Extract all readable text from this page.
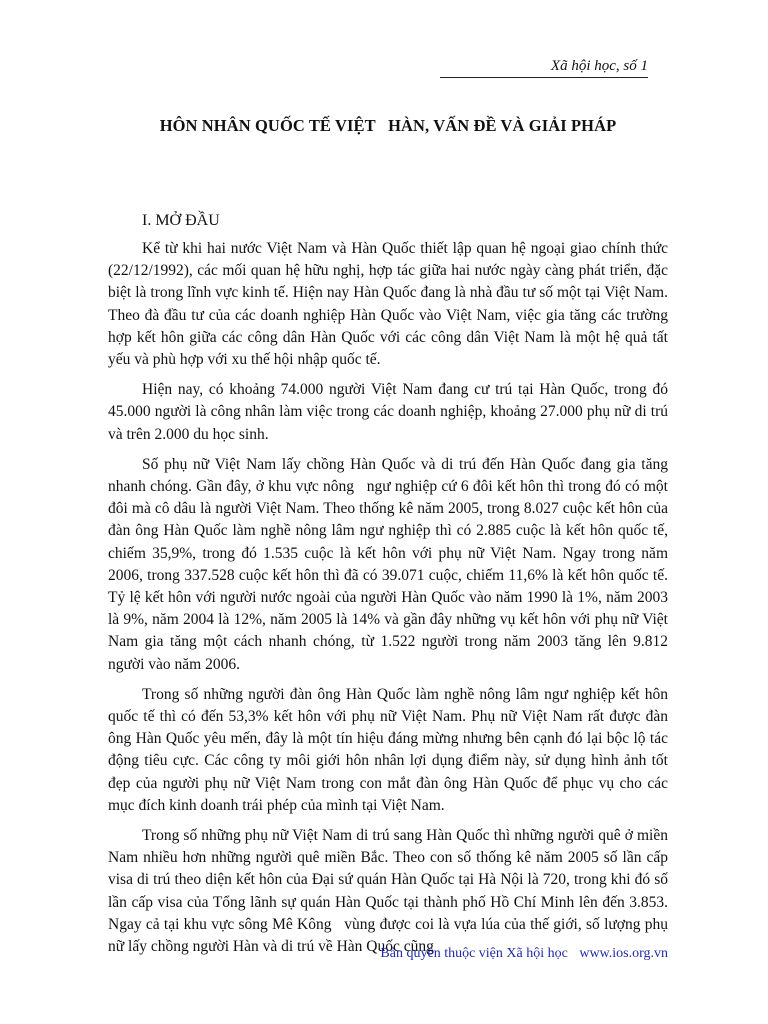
Xã hội học, số 1
HÔN NHÂN QUỐC TẾ VIỆT   HÀN, VẤN ĐỀ VÀ GIẢI PHÁP
I. MỞ ĐẦU

Kể từ khi hai nước Việt Nam và Hàn Quốc thiết lập quan hệ ngoại giao chính thức (22/12/1992), các mối quan hệ hữu nghị, hợp tác giữa hai nước ngày càng phát triển, đặc biệt là trong lĩnh vực kinh tế. Hiện nay Hàn Quốc đang là nhà đầu tư số một tại Việt Nam. Theo đà đầu tư của các doanh nghiệp Hàn Quốc vào Việt Nam, việc gia tăng các trường hợp kết hôn giữa các công dân Hàn Quốc với các công dân Việt Nam là một hệ quả tất yếu và phù hợp với xu thế hội nhập quốc tế.

Hiện nay, có khoảng 74.000 người Việt Nam đang cư trú tại Hàn Quốc, trong đó 45.000 người là công nhân làm việc trong các doanh nghiệp, khoảng 27.000 phụ nữ di trú và trên 2.000 du học sinh.

Số phụ nữ Việt Nam lấy chồng Hàn Quốc và di trú đến Hàn Quốc đang gia tăng nhanh chóng. Gần đây, ở khu vực nông   ngư nghiệp cứ 6 đôi kết hôn thì trong đó có một đôi mà cô dâu là người Việt Nam. Theo thống kê năm 2005, trong 8.027 cuộc kết hôn của đàn ông Hàn Quốc làm nghề nông lâm ngư nghiệp thì có 2.885 cuộc là kết hôn quốc tế, chiếm 35,9%, trong đó 1.535 cuộc là kết hôn với phụ nữ Việt Nam. Ngay trong năm 2006, trong 337.528 cuộc kết hôn thì đã có 39.071 cuộc, chiếm 11,6% là kết hôn quốc tế. Tỷ lệ kết hôn với người nước ngoài của người Hàn Quốc vào năm 1990 là 1%, năm 2003 là 9%, năm 2004 là 12%, năm 2005 là 14% và gần đây những vụ kết hôn với phụ nữ Việt Nam gia tăng một cách nhanh chóng, từ 1.522 người trong năm 2003 tăng lên 9.812 người vào năm 2006.

Trong số những người đàn ông Hàn Quốc làm nghề nông lâm ngư nghiệp kết hôn quốc tế thì có đến 53,3% kết hôn với phụ nữ Việt Nam. Phụ nữ Việt Nam rất được đàn ông Hàn Quốc yêu mến, đây là một tín hiệu đáng mừng nhưng bên cạnh đó lại bộc lộ tác động tiêu cực. Các công ty môi giới hôn nhân lợi dụng điểm này, sử dụng hình ảnh tốt đẹp của người phụ nữ Việt Nam trong con mắt đàn ông Hàn Quốc để phục vụ cho các mục đích kinh doanh trái phép của mình tại Việt Nam.

Trong số những phụ nữ Việt Nam di trú sang Hàn Quốc thì những người quê ở miền Nam nhiều hơn những người quê miền Bắc. Theo con số thống kê năm 2005 số lần cấp visa di trú theo diện kết hôn của Đại sứ quán Hàn Quốc tại Hà Nội là 720, trong khi đó số lần cấp visa của Tổng lãnh sự quán Hàn Quốc tại thành phố Hồ Chí Minh lên đến 3.853. Ngay cả tại khu vực sông Mê Kông   vùng được coi là vựa lúa của thế giới, số lượng phụ nữ lấy chồng người Hàn và di trú về Hàn Quốc cũng

Bản quyền thuộc viện Xã hội học www.ios.org.vn
